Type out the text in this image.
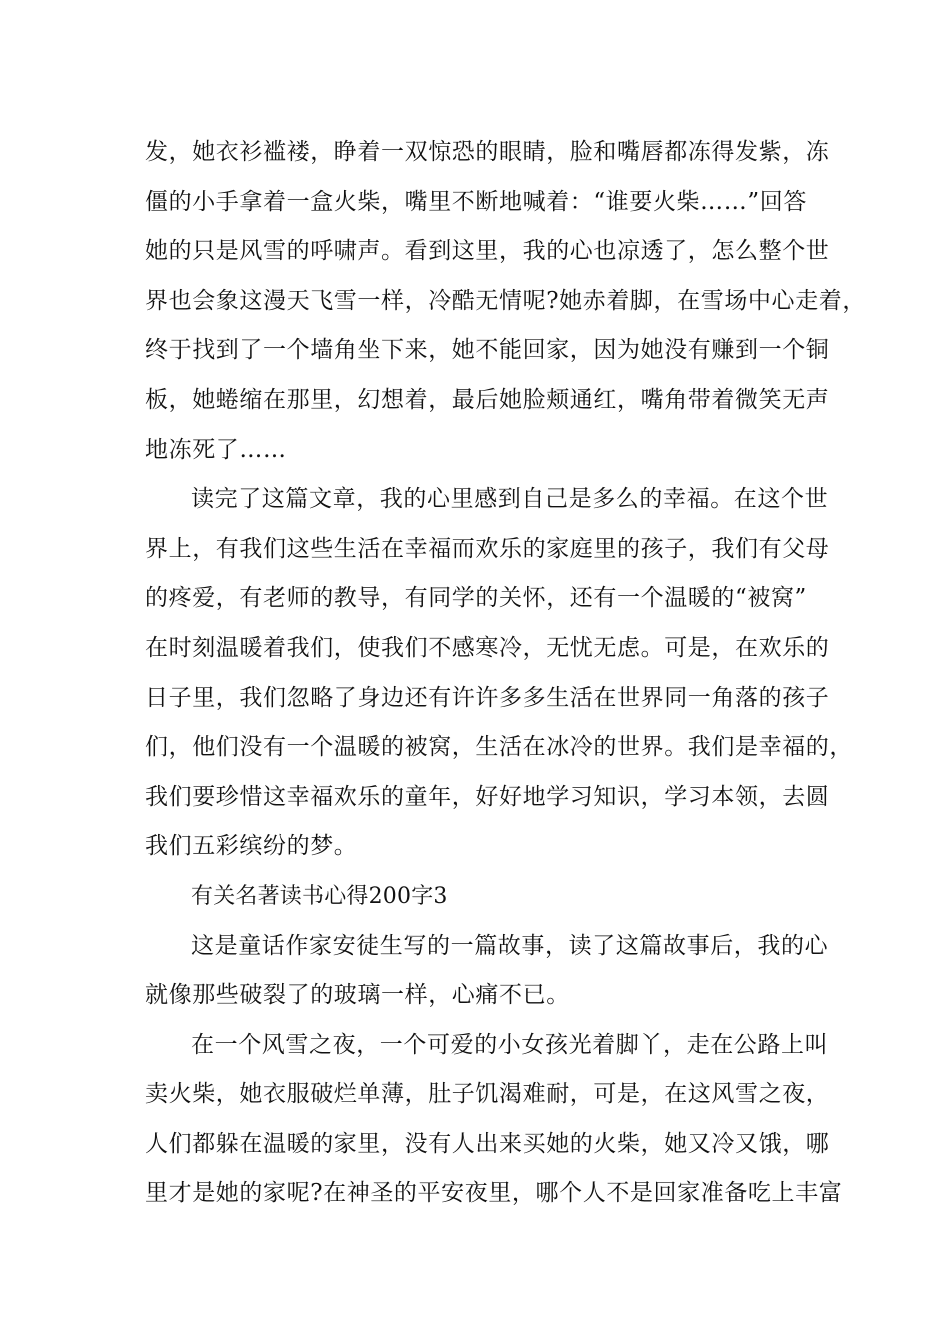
发，她衣衫褴褛，睁着一双惊恐的眼睛，脸和嘴唇都冻得发紫，冻
僵的小手拿着一盒火柴，嘴里不断地喊着：“谁要火柴……”回答
她的只是风雪的呼啸声。看到这里，我的心也凉透了，怎么整个世
界也会象这漫天飞雪一样，冷酷无情呢?她赤着脚，在雪场中心走着，
终于找到了一个墙角坐下来，她不能回家，因为她没有赚到一个铜
板，她蜷缩在那里，幻想着，最后她脸颊通红，嘴角带着微笑无声
地冻死了……
读完了这篇文章，我的心里感到自己是多么的幸福。在这个世
界上，有我们这些生活在幸福而欢乐的家庭里的孩子，我们有父母
的疼爱，有老师的教导，有同学的关怀，还有一个温暖的“被窝”
在时刻温暖着我们，使我们不感寒冷，无忧无虑。可是，在欢乐的
日子里，我们忽略了身边还有许许多多生活在世界同一角落的孩子
们，他们没有一个温暖的被窝，生活在冰冷的世界。我们是幸福的，
我们要珍惜这幸福欢乐的童年，好好地学习知识，学习本领，去圆
我们五彩缤纷的梦。
有关名著读书心得200字3
这是童话作家安徒生写的一篇故事，读了这篇故事后，我的心
就像那些破裂了的玻璃一样，心痛不已。
在一个风雪之夜，一个可爱的小女孩光着脚丫，走在公路上叫
卖火柴，她衣服破烂单薄，肚子饥渴难耐，可是，在这风雪之夜，
人们都躲在温暖的家里，没有人出来买她的火柴，她又冷又饿，哪
里才是她的家呢?在神圣的平安夜里，哪个人不是回家准备吃上丰富
